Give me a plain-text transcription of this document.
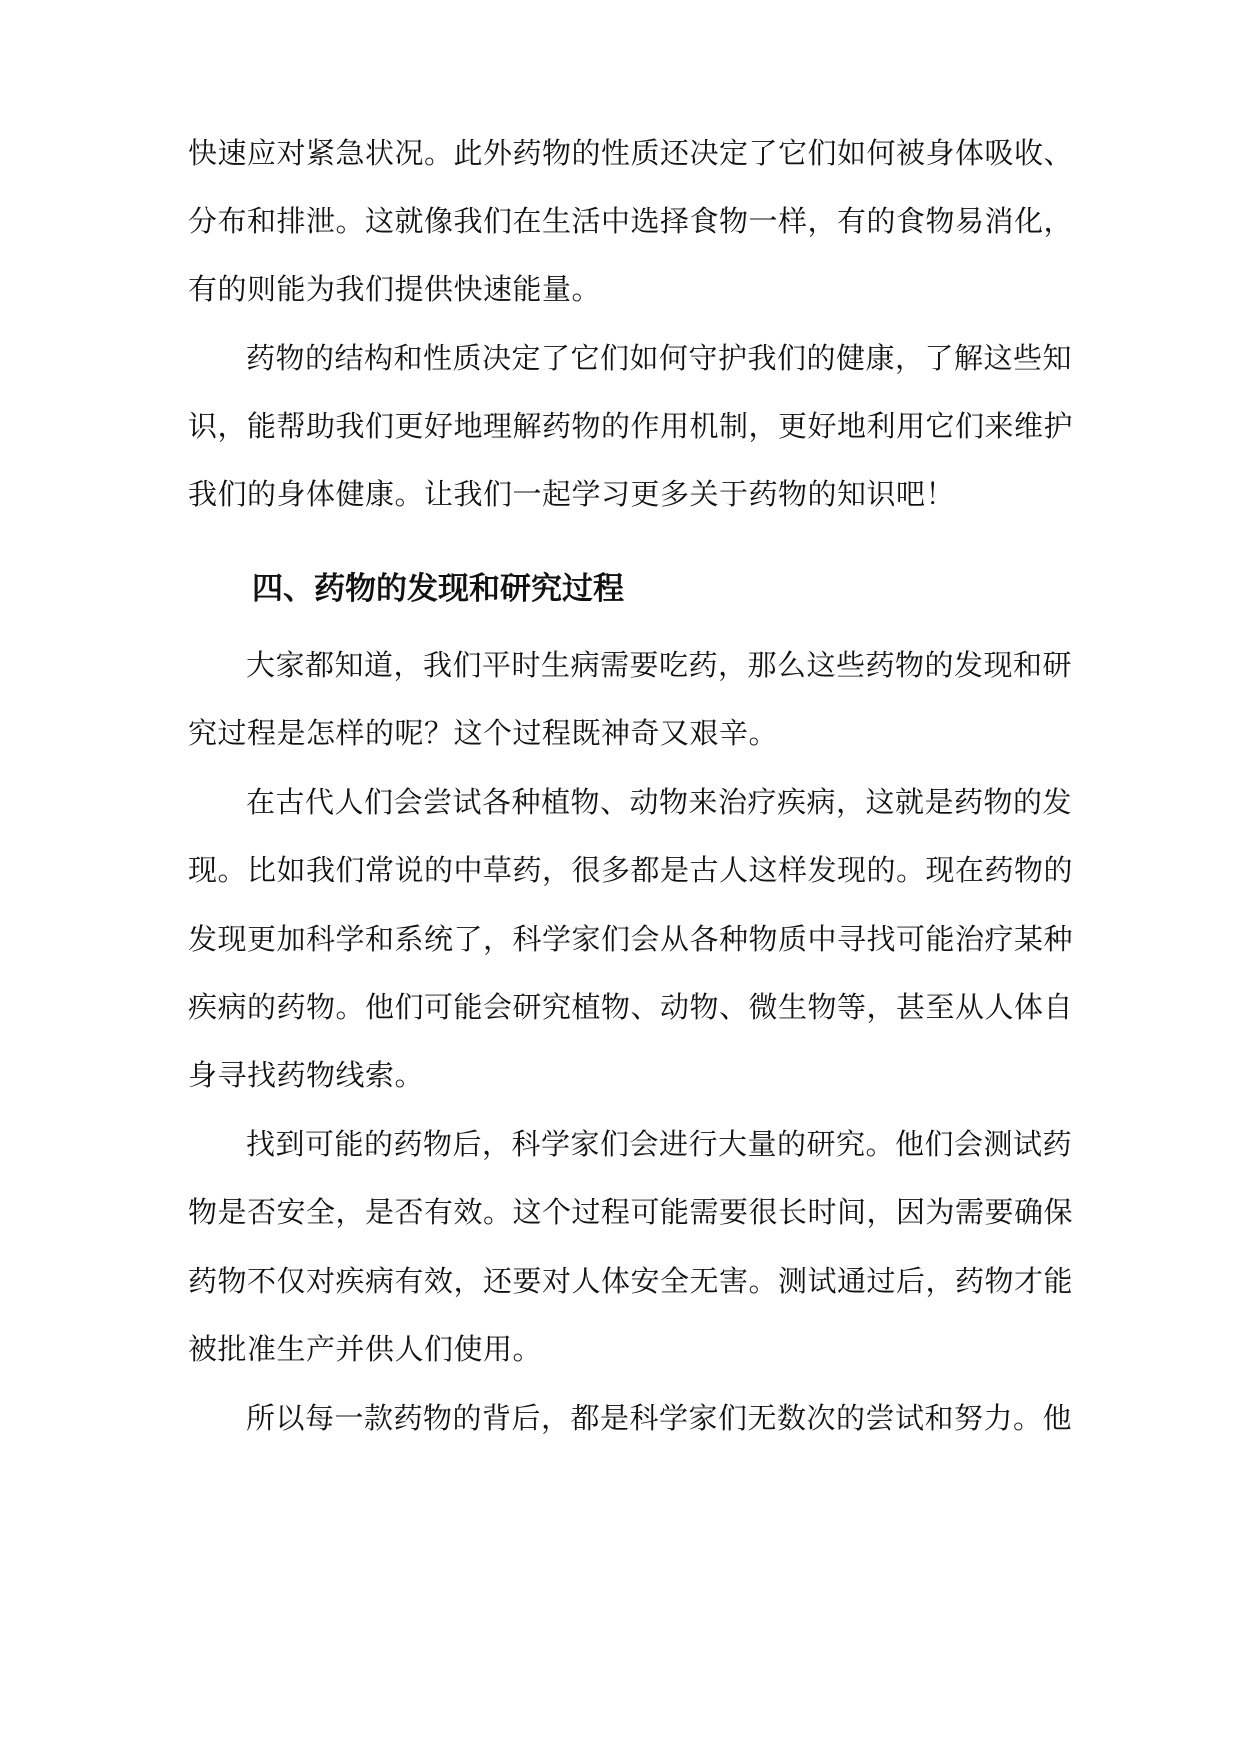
快速应对紧急状况。此外药物的性质还决定了它们如何被身体吸收、
分布和排泄。这就像我们在生活中选择食物一样，有的食物易消化，
有的则能为我们提供快速能量。
药物的结构和性质决定了它们如何守护我们的健康，了解这些知
识，能帮助我们更好地理解药物的作用机制，更好地利用它们来维护
我们的身体健康。让我们一起学习更多关于药物的知识吧！
四、药物的发现和研究过程
大家都知道，我们平时生病需要吃药，那么这些药物的发现和研
究过程是怎样的呢？这个过程既神奇又艰辛。
在古代人们会尝试各种植物、动物来治疗疾病，这就是药物的发
现。比如我们常说的中草药，很多都是古人这样发现的。现在药物的
发现更加科学和系统了，科学家们会从各种物质中寻找可能治疗某种
疾病的药物。他们可能会研究植物、动物、微生物等，甚至从人体自
身寻找药物线索。
找到可能的药物后，科学家们会进行大量的研究。他们会测试药
物是否安全，是否有效。这个过程可能需要很长时间，因为需要确保
药物不仅对疾病有效，还要对人体安全无害。测试通过后，药物才能
被批准生产并供人们使用。
所以每一款药物的背后，都是科学家们无数次的尝试和努力。他
